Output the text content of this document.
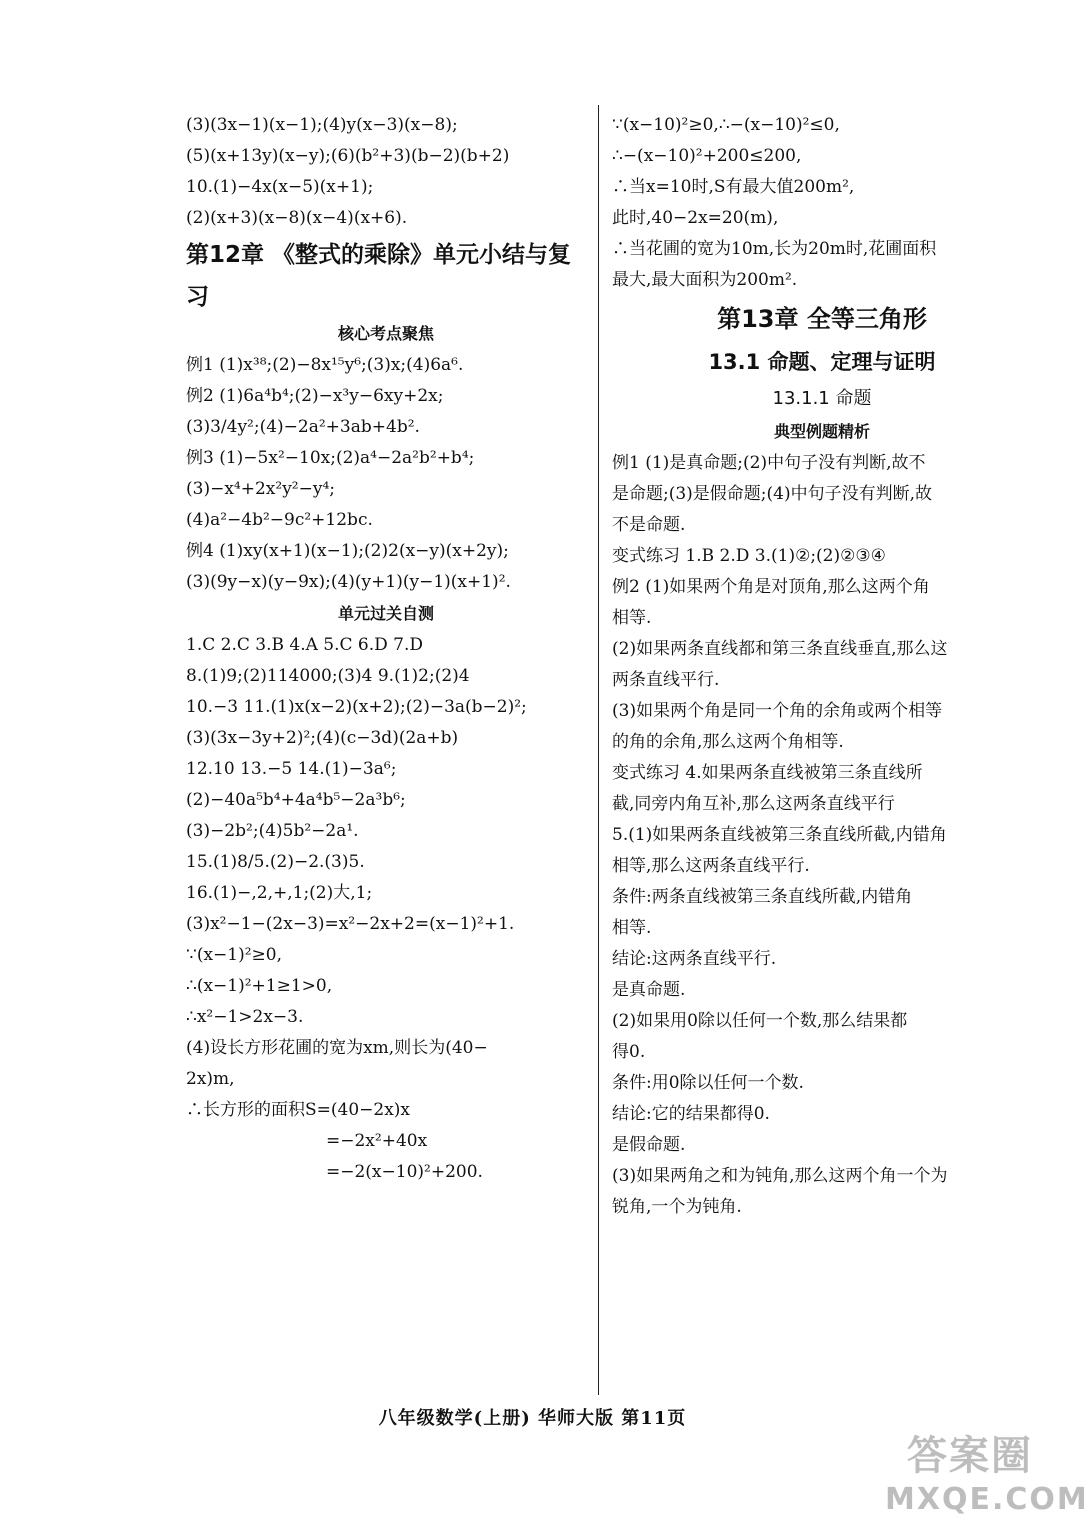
(3)(3x−1)(x−1);(4)y(x−3)(x−8);
(5)(x+13y)(x−y);(6)(b²+3)(b−2)(b+2)
10.(1)−4x(x−5)(x+1);
(2)(x+3)(x−8)(x−4)(x+6).
第12章 《整式的乘除》单元小结与复习
核心考点聚焦
例1 (1)x³⁸;(2)−8x¹⁵y⁶;(3)x;(4)6a⁶.
例2 (1)6a⁴b⁴;(2)−x³y−6xy+2x;
(3)3/4y²;(4)−2a²+3ab+4b².
例3 (1)−5x²−10x;(2)a⁴−2a²b²+b⁴;
(3)−x⁴+2x²y²−y⁴;
(4)a²−4b²−9c²+12bc.
例4 (1)xy(x+1)(x−1);(2)2(x−y)(x+2y);
(3)(9y−x)(y−9x);(4)(y+1)(y−1)(x+1)².
单元过关自测
1.C 2.C 3.B 4.A 5.C 6.D 7.D
8.(1)9;(2)114000;(3)4 9.(1)2;(2)4
10.−3 11.(1)x(x−2)(x+2);(2)−3a(b−2)²;
(3)(3x−3y+2)²;(4)(c−3d)(2a+b)
12.10 13.−5 14.(1)−3a⁶;
(2)−40a⁵b⁴+4a⁴b⁵−2a³b⁶;
(3)−2b²;(4)5b²−2a¹.
15.(1)8/5.(2)−2.(3)5.
16.(1)−,2,+,1;(2)大,1;
(3)x²−1−(2x−3)=x²−2x+2=(x−1)²+1.
∵(x−1)²≥0,
∴(x−1)²+1≥1>0,
∴x²−1>2x−3.
(4)设长方形花圃的宽为xm,则长为(40−
2x)m,
∴长方形的面积S=(40−2x)x
=−2x²+40x
=−2(x−10)²+200.
∵(x−10)²≥0,∴−(x−10)²≤0,
∴−(x−10)²+200≤200,
∴当x=10时,S有最大值200m²,
此时,40−2x=20(m),
∴当花圃的宽为10m,长为20m时,花圃面积
最大,最大面积为200m².
第13章 全等三角形
13.1 命题、定理与证明
13.1.1 命题
典型例题精析
例1 (1)是真命题;(2)中句子没有判断,故不
是命题;(3)是假命题;(4)中句子没有判断,故
不是命题.
变式练习 1.B 2.D 3.(1)②;(2)②③④
例2 (1)如果两个角是对顶角,那么这两个角
相等.
(2)如果两条直线都和第三条直线垂直,那么这
两条直线平行.
(3)如果两个角是同一个角的余角或两个相等
的角的余角,那么这两个角相等.
变式练习 4.如果两条直线被第三条直线所
截,同旁内角互补,那么这两条直线平行
5.(1)如果两条直线被第三条直线所截,内错角
相等,那么这两条直线平行.
条件:两条直线被第三条直线所截,内错角
相等.
结论:这两条直线平行.
是真命题.
(2)如果用0除以任何一个数,那么结果都
得0.
条件:用0除以任何一个数.
结论:它的结果都得0.
是假命题.
(3)如果两角之和为钝角,那么这两个角一个为
锐角,一个为钝角.
八年级数学(上册) 华师大版 第11页
答案圈
MXQE.COM
